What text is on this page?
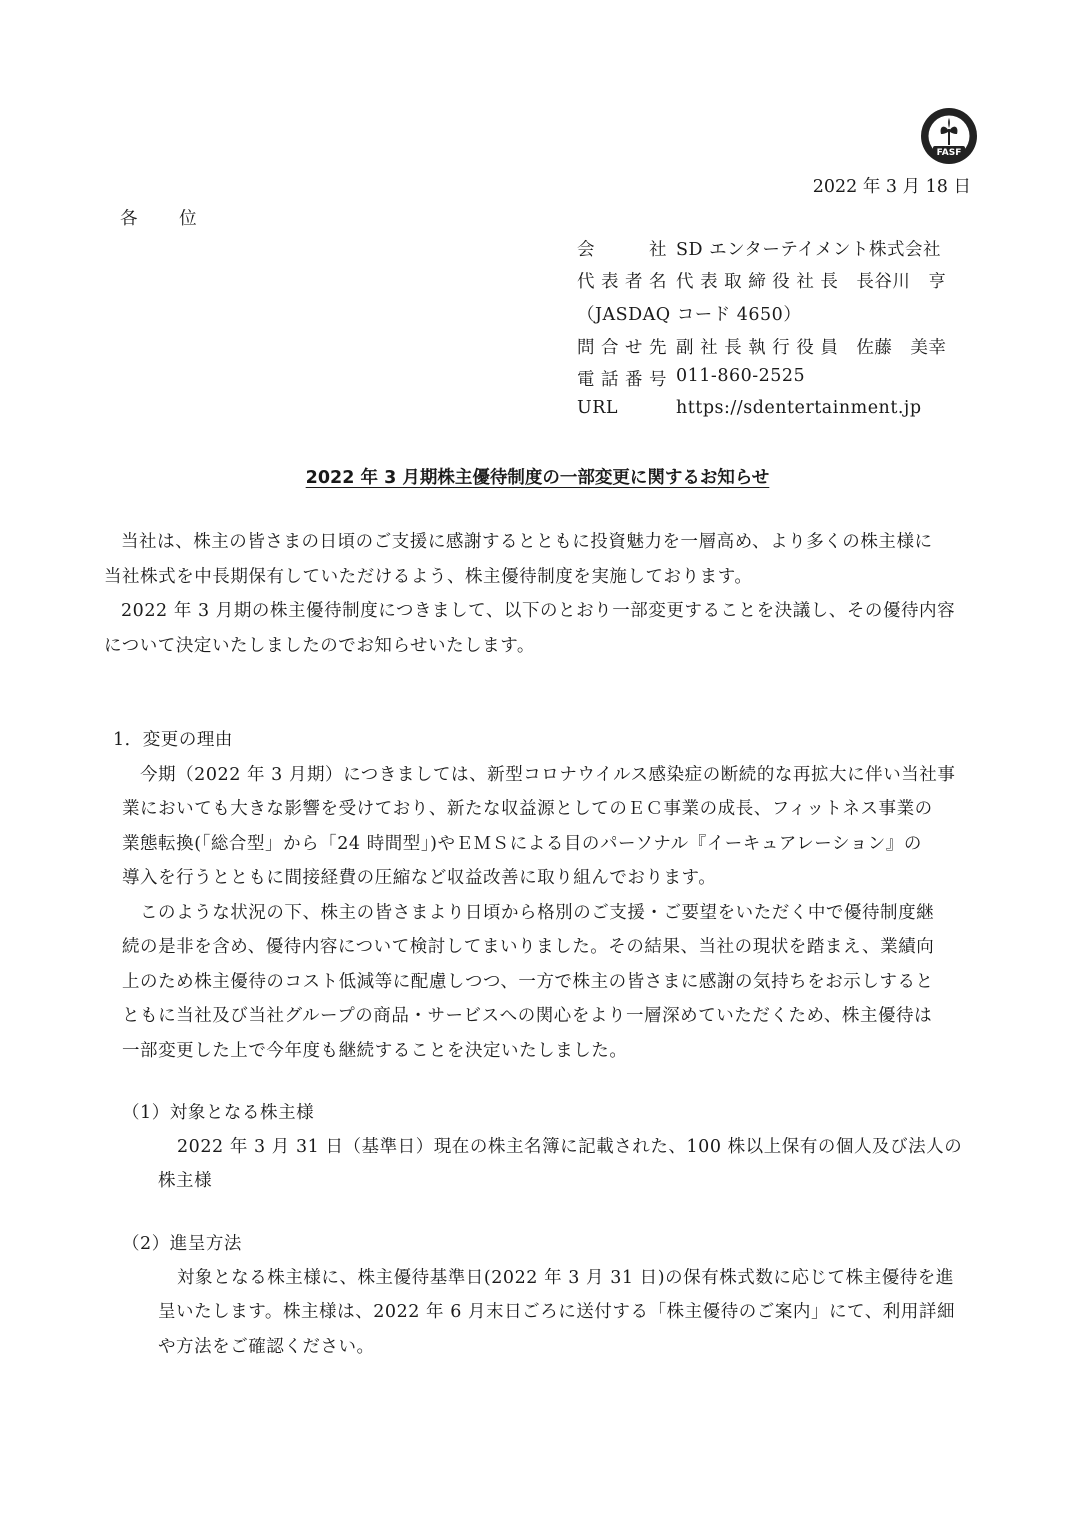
FASF
2022 年 3 月 18 日
各 位
会　社 SD エンターテイメント株式会社
代表者名 代 表 取 締 役 社 長　長谷川　亨
（JASDAQ コード 4650）
問合せ先 副 社 長 執 行 役 員　佐藤　美幸
電話番号 011-860-2525
URL	https://sdentertainment.jp
2022 年 3 月期株主優待制度の一部変更に関するお知らせ
当社は、株主の皆さまの日頃のご支援に感謝するとともに投資魅力を一層高め、より多くの株主様に
当社株式を中長期保有していただけるよう、株主優待制度を実施しております。
2022 年 3 月期の株主優待制度につきまして、以下のとおり一部変更することを決議し、その優待内容
について決定いたしましたのでお知らせいたします。
1．変更の理由
今期（2022 年 3 月期）につきましては、新型コロナウイルス感染症の断続的な再拡大に伴い当社事
業においても大きな影響を受けており、新たな収益源としてのＥＣ事業の成長、フィットネス事業の
業態転換(「総合型」から「24 時間型」)やＥＭＳによる目のパーソナル『イーキュアレーション』の
導入を行うとともに間接経費の圧縮など収益改善に取り組んでおります。
このような状況の下、株主の皆さまより日頃から格別のご支援・ご要望をいただく中で優待制度継
続の是非を含め、優待内容について検討してまいりました。その結果、当社の現状を踏まえ、業績向
上のため株主優待のコスト低減等に配慮しつつ、一方で株主の皆さまに感謝の気持ちをお示しすると
ともに当社及び当社グループの商品・サービスへの関心をより一層深めていただくため、株主優待は
一部変更した上で今年度も継続することを決定いたしました。
（1）対象となる株主様
2022 年 3 月 31 日（基準日）現在の株主名簿に記載された、100 株以上保有の個人及び法人の
株主様
（2）進呈方法
対象となる株主様に、株主優待基準日(2022 年 3 月 31 日)の保有株式数に応じて株主優待を進
呈いたします。株主様は、2022 年 6 月末日ごろに送付する「株主優待のご案内」にて、利用詳細
や方法をご確認ください。
